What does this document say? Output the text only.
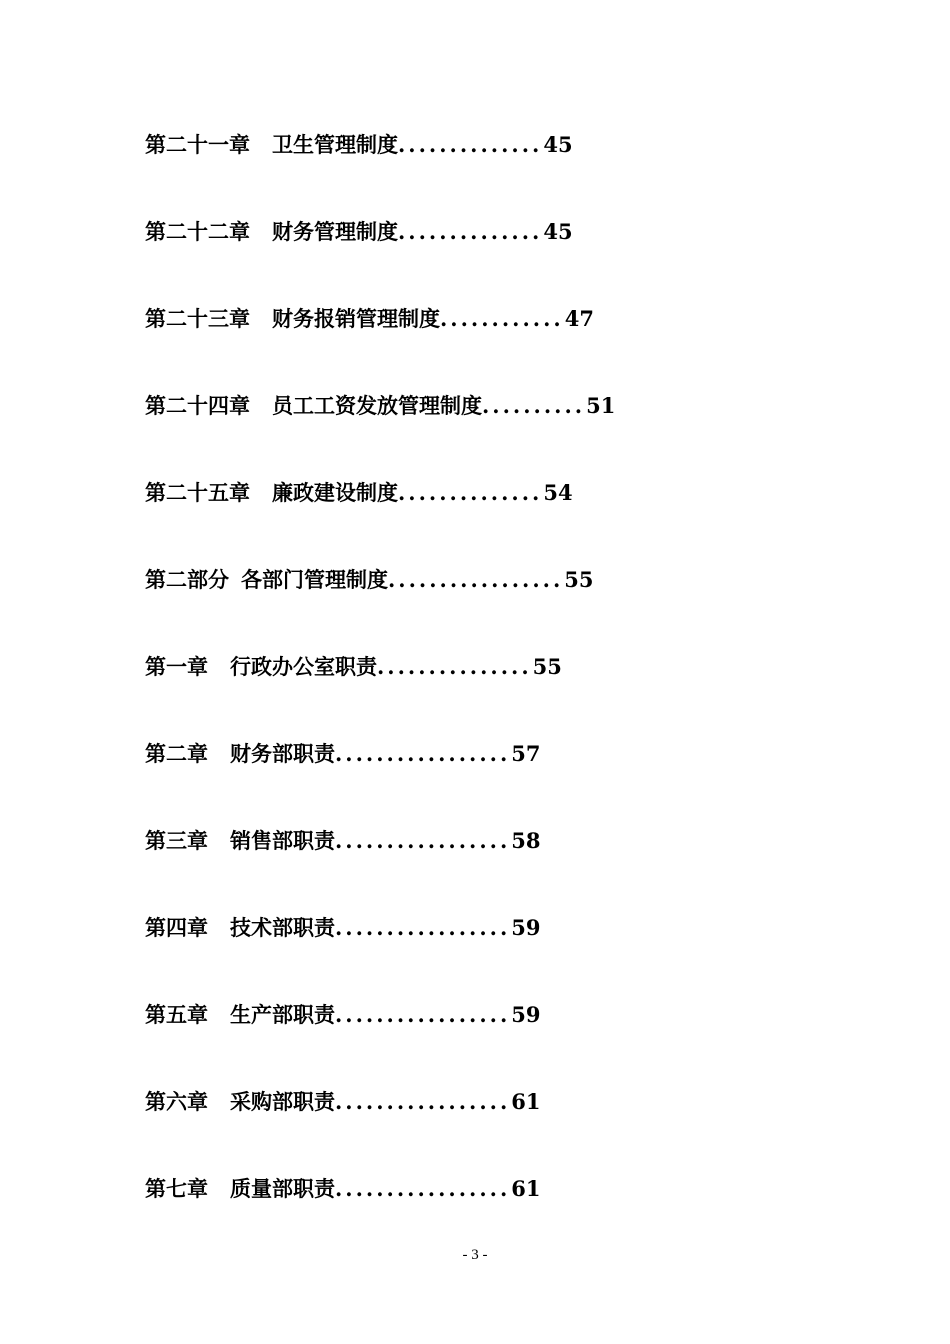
第二十一章 卫生管理制度..............45
第二十二章 财务管理制度..............45
第二十三章 财务报销管理制度............47
第二十四章 员工工资发放管理制度..........51
第二十五章 廉政建设制度..............54
第二部分 各部门管理制度.................55
第一章 行政办公室职责...............55
第二章 财务部职责.................57
第三章 销售部职责.................58
第四章 技术部职责.................59
第五章 生产部职责.................59
第六章 采购部职责.................61
第七章 质量部职责.................61
- 3 -
